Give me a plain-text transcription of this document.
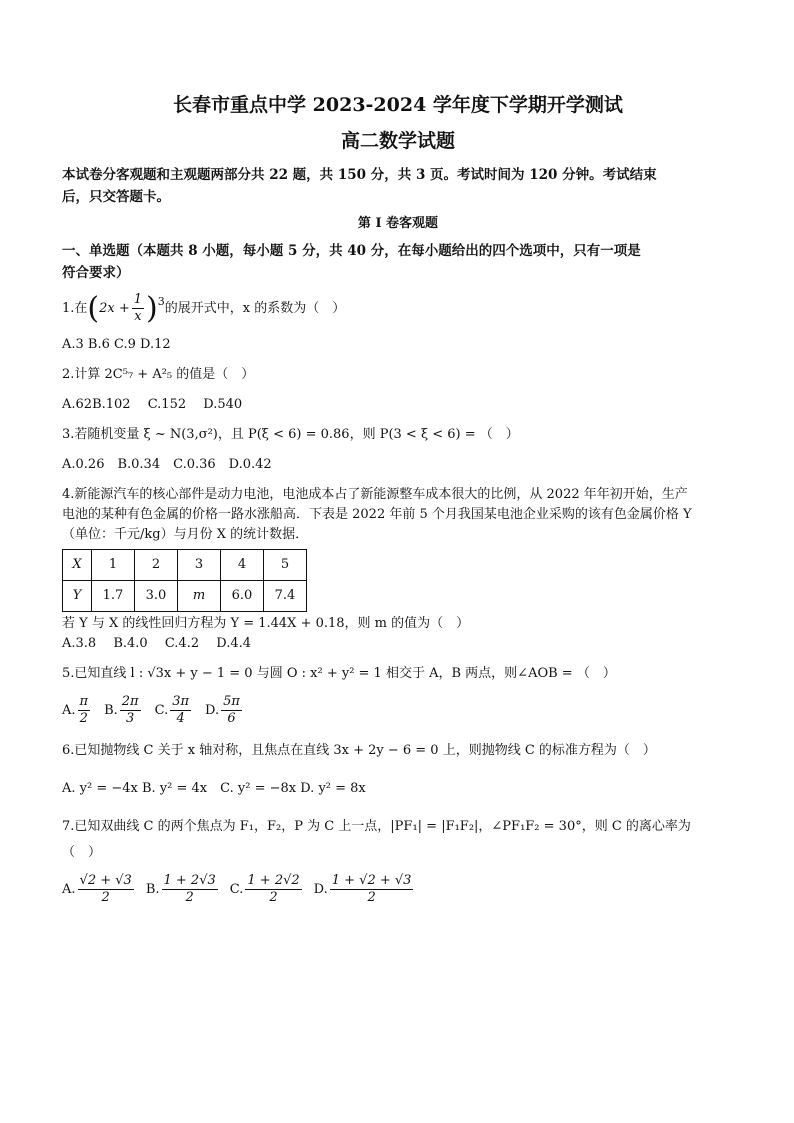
长春市重点中学 2023-2024 学年度下学期开学测试
高二数学试题
本试卷分客观题和主观题两部分共 22 题，共 150 分，共 3 页。考试时间为 120 分钟。考试结束
后，只交答题卡。
第 I 卷客观题
一、单选题（本题共 8 小题，每小题 5 分，共 40 分，在每小题给出的四个选项中，只有一项是
符合要求）
1.在 ( $2x + \frac{1}{x} )^3$ 的展开式中，x 的系数为（　）
A.3 B.6 C.9 D.12
2.计算 2C⁵₇ + A²₅ 的值是（　）
A.62B.102　 C.152　 D.540
3.若随机变量 ξ ~ N(3,σ²)，且 P(ξ < 6) = 0.86，则 P(3 < ξ < 6) = （　）
A.0.26　B.0.34　C.0.36　D.0.42
4.新能源汽车的核心部件是动力电池，电池成本占了新能源整车成本很大的比例，从 2022 年年初开始，生产
电池的某种有色金属的价格一路水涨船高．下表是 2022 年前 5 个月我国某电池企业采购的该有色金属价格 Y
（单位：千元/kg）与月份 X 的统计数据．
X	1	2	3	4	5
Y	1.7	3.0	m	6.0	7.4
若 Y 与 X 的线性回归方程为 Y = 1.44X + 0.18，则 m 的值为（　）
A.3.8　 B.4.0　 C.4.2　 D.4.4
5.已知直线 l : √3x + y − 1 = 0 与圆 O : x² + y² = 1 相交于 A，B 两点，则∠AOB = （　）
A. $\frac{\pi}{2} B$. $\frac{2\pi}{3} C$. $\frac{3\pi}{4} D$. $\frac{5\pi}{6}$
6.已知抛物线 C 关于 x 轴对称，且焦点在直线 3x + 2y − 6 = 0 上，则抛物线 C 的标准方程为（　）
A. y² = −4x B. y² = 4x　C. y² = −8x D. y² = 8x
7.已知双曲线 C 的两个焦点为 F₁，F₂，P 为 C 上一点，|PF₁| = |F₁F₂|，∠PF₁F₂ = 30°，则 C 的离心率为
（　）
A. $\frac{√2 + √3}{2} B$. $\frac{1 + 2√3}{2} C$. $\frac{1 + 2√2}{2} D$. $\frac{1 + √2 + √3}{2}$
